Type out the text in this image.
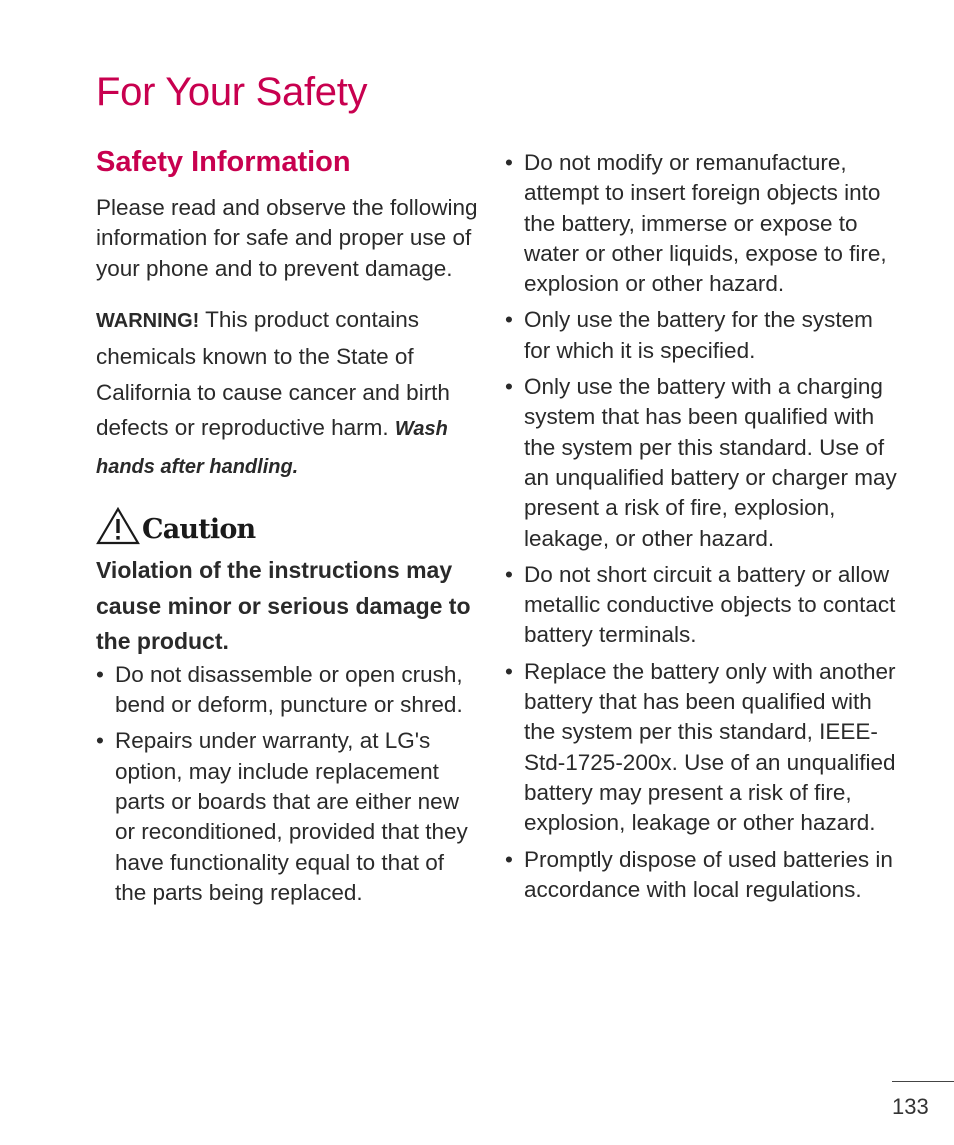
For Your Safety
Safety Information

Please read and observe the following information for safe and proper use of your phone and to prevent damage.

WARNING! This product contains chemicals known to the State of California to cause cancer and birth defects or reproductive harm. Wash hands after handling.

Caution

Violation of the instructions may cause minor or serious damage to the product.

• Do not disassemble or open crush, bend or deform, puncture or shred.
• Repairs under warranty, at LG's option, may include replacement parts or boards that are either new or reconditioned, provided that they have functionality equal to that of the parts being replaced.
• Do not modify or remanufacture, attempt to insert foreign objects into the battery, immerse or expose to water or other liquids, expose to fire, explosion or other hazard.
• Only use the battery for the system for which it is specified.
• Only use the battery with a charging system that has been qualified with the system per this standard. Use of an unqualified battery or charger may present a risk of fire, explosion, leakage, or other hazard.
• Do not short circuit a battery or allow metallic conductive objects to contact battery terminals.
• Replace the battery only with another battery that has been qualified with the system per this standard, IEEE-Std-1725-200x. Use of an unqualified battery may present a risk of fire, explosion, leakage or other hazard.
• Promptly dispose of used batteries in accordance with local regulations.
133
